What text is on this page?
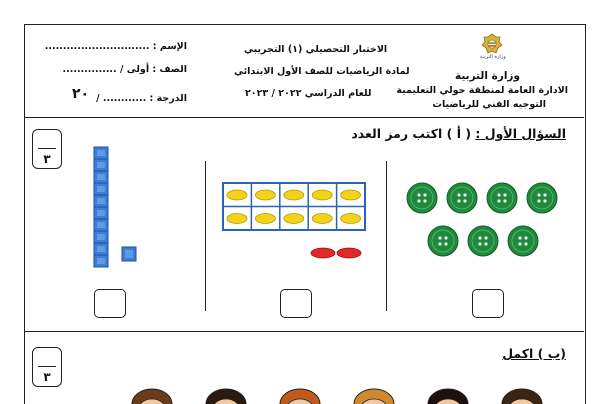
الإسم : .............................
الصف : أولى / ...............
الدرجة : ............ /
٢٠
الاختبار التحصيلي (١) التجريبي
لمادة الرياضيات للصف الأول الابتدائي
للعام الدراسي ٢٠٢٢ / ٢٠٢٣
وزارة التربية
وزارة التربية
الادارة العامة لمنطقة حولي التعليمية
التوجيه الفني للرياضيات
السؤال الأول : ( أ ) اكتب رمز العدد
٣
(ب ) اكمل
٣
